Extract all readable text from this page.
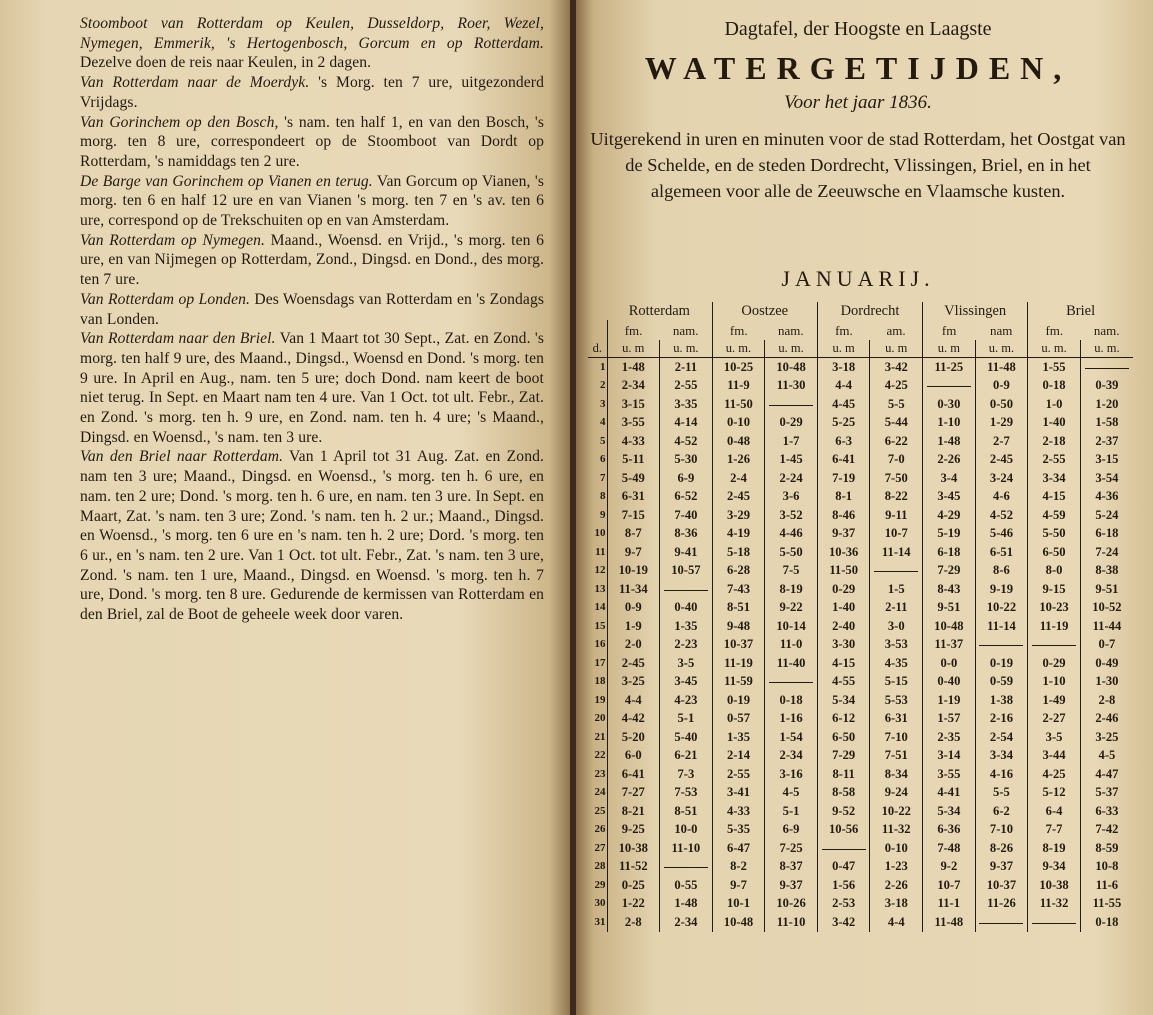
Stoomboot van Rotterdam op Keulen, Dusseldorp, Roer, Wezel, Nymegen, Emmerik, 's Hertogenbosch, Gorcum en op Rotterdam. Dezelve doen de reis naar Keulen, in 2 dagen.

Van Rotterdam naar de Moerdyk. 's Morg. ten 7 ure, uitgezonderd Vrijdags.

Van Gorinchem op den Bosch, 's nam. ten half 1, en van den Bosch, 's morg. ten 8 ure, correspondeert op de Stoomboot van Dordt op Rotterdam, 's namiddags ten 2 ure.

De Barge van Gorinchem op Vianen en terug. Van Gorcum op Vianen, 's morg. ten 6 en half 12 ure en van Vianen 's morg. ten 7 en 's av. ten 6 ure, correspond op de Trekschuiten op en van Amsterdam.

Van Rotterdam op Nymegen. Maand., Woensd. en Vrijd., 's morg. ten 6 ure, en van Nijmegen op Rotterdam, Zond., Dingsd. en Dond., des morg. ten 7 ure.

Van Rotterdam op Londen. Des Woensdags van Rotterdam en 's Zondags van Londen.

Van Rotterdam naar den Briel. Van 1 Maart tot 30 Sept., Zat. en Zond. 's morg. ten half 9 ure, des Maand., Dingsd., Woensd en Dond. 's morg. ten 9 ure. In April en Aug., nam. ten 5 ure; doch Dond. nam keert de boot niet terug. In Sept. en Maart nam ten 4 ure. Van 1 Oct. tot ult. Febr., Zat. en Zond. 's morg. ten h. 9 ure, en Zond. nam. ten h. 4 ure; 's Maand., Dingsd. en Woensd., 's nam. ten 3 ure.

Van den Briel naar Rotterdam. Van 1 April tot 31 Aug. Zat. en Zond. nam ten 3 ure; Maand., Dingsd. en Woensd., 's morg. ten h. 6 ure, en nam. ten 2 ure; Dond. 's morg. ten h. 6 ure, en nam. ten 3 ure. In Sept. en Maart, Zat. 's nam. ten 3 ure; Zond. 's nam. ten h. 2 ur.; Maand., Dingsd. en Woensd., 's morg. ten 6 ure en 's nam. ten h. 2 ure; Dord. 's morg. ten 6 ur., en 's nam. ten 2 ure. Van 1 Oct. tot ult. Febr., Zat. 's nam. ten 3 ure, Zond. 's nam. ten 1 ure, Maand., Dingsd. en Woensd. 's morg. ten h. 7 ure, Dond. 's morg. ten 8 ure. Gedurende de kermissen van Rotterdam en den Briel, zal de Boot de geheele week door varen.

Dagtafel, der Hoogste en Laagste
WATERGETIJDEN,
Voor het jaar 1836.
Uitgerekend in uren en minuten voor de stad Rotterdam, het Oostgat van de Schelde, en de steden Dordrecht, Vlissingen, Briel, en in het algemeen voor alle de Zeeuwsche en Vlaamsche kusten.
JANUARIJ.
	Rotterdam		Oostzee		Dordrecht		Vlissingen		Briel	
	fm.	nam.	fm.	nam.	fm.	am.	fm	nam	fm.	nam.
d.	u. m	u. m.	u. m.	u. m.	u. m	u. m	u. m	u. m.	u. m.	u. m.
1	1-48	2-11	10-25	10-48	3-18	3-42	11-25	11-48	1-55	
2	2-34	2-55	11-9	11-30	4-4	4-25		0-9	0-18	0-39
3	3-15	3-35	11-50		4-45	5-5	0-30	0-50	1-0	1-20
4	3-55	4-14	0-10	0-29	5-25	5-44	1-10	1-29	1-40	1-58
5	4-33	4-52	0-48	1-7	6-3	6-22	1-48	2-7	2-18	2-37
6	5-11	5-30	1-26	1-45	6-41	7-0	2-26	2-45	2-55	3-15
7	5-49	6-9	2-4	2-24	7-19	7-50	3-4	3-24	3-34	3-54
8	6-31	6-52	2-45	3-6	8-1	8-22	3-45	4-6	4-15	4-36
9	7-15	7-40	3-29	3-52	8-46	9-11	4-29	4-52	4-59	5-24
10	8-7	8-36	4-19	4-46	9-37	10-7	5-19	5-46	5-50	6-18
11	9-7	9-41	5-18	5-50	10-36	11-14	6-18	6-51	6-50	7-24
12	10-19	10-57	6-28	7-5	11-50		7-29	8-6	8-0	8-38
13	11-34		7-43	8-19	0-29	1-5	8-43	9-19	9-15	9-51
14	0-9	0-40	8-51	9-22	1-40	2-11	9-51	10-22	10-23	10-52
15	1-9	1-35	9-48	10-14	2-40	3-0	10-48	11-14	11-19	11-44
16	2-0	2-23	10-37	11-0	3-30	3-53	11-37			0-7
17	2-45	3-5	11-19	11-40	4-15	4-35	0-0	0-19	0-29	0-49
18	3-25	3-45	11-59		4-55	5-15	0-40	0-59	1-10	1-30
19	4-4	4-23	0-19	0-18	5-34	5-53	1-19	1-38	1-49	2-8
20	4-42	5-1	0-57	1-16	6-12	6-31	1-57	2-16	2-27	2-46
21	5-20	5-40	1-35	1-54	6-50	7-10	2-35	2-54	3-5	3-25
22	6-0	6-21	2-14	2-34	7-29	7-51	3-14	3-34	3-44	4-5
23	6-41	7-3	2-55	3-16	8-11	8-34	3-55	4-16	4-25	4-47
24	7-27	7-53	3-41	4-5	8-58	9-24	4-41	5-5	5-12	5-37
25	8-21	8-51	4-33	5-1	9-52	10-22	5-34	6-2	6-4	6-33
26	9-25	10-0	5-35	6-9	10-56	11-32	6-36	7-10	7-7	7-42
27	10-38	11-10	6-47	7-25		0-10	7-48	8-26	8-19	8-59
28	11-52		8-2	8-37	0-47	1-23	9-2	9-37	9-34	10-8
29	0-25	0-55	9-7	9-37	1-56	2-26	10-7	10-37	10-38	11-6
30	1-22	1-48	10-1	10-26	2-53	3-18	11-1	11-26	11-32	11-55
31	2-8	2-34	10-48	11-10	3-42	4-4	11-48			0-18
